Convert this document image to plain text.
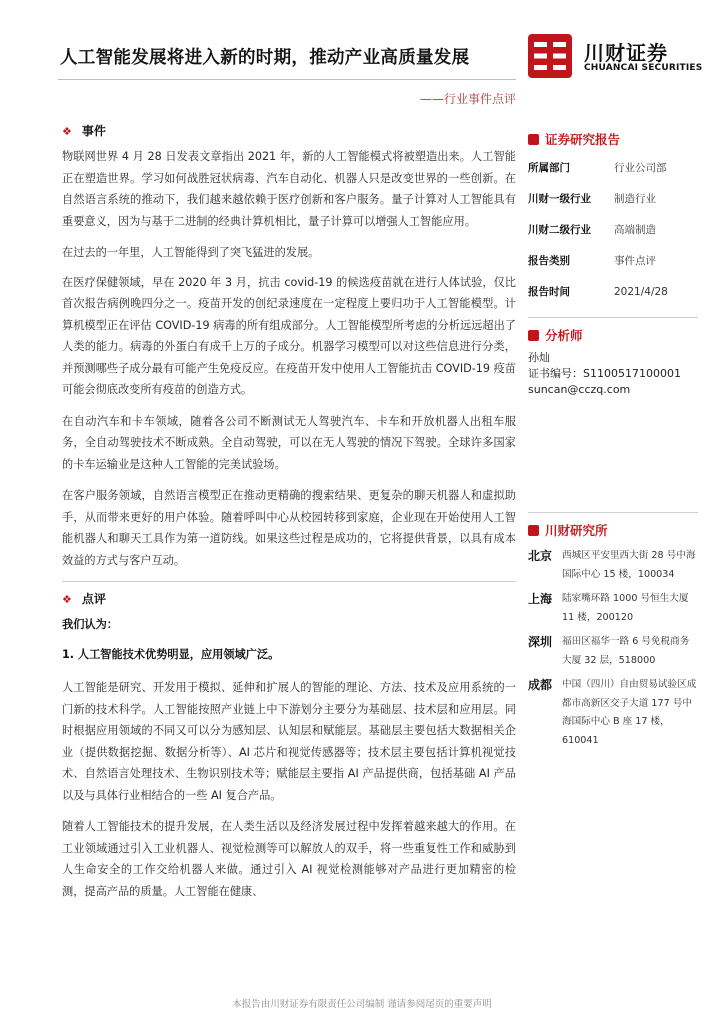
人工智能发展将进入新的时期，推动产业高质量发展
——行业事件点评
川财证券
CHUANCAI SECURITIES
❖ 事件

物联网世界 4 月 28 日发表文章指出 2021 年，新的人工智能模式将被塑造出来。人工智能正在塑造世界。学习如何战胜冠状病毒、汽车自动化、机器人只是改变世界的一些创新。在自然语言系统的推动下，我们越来越依赖于医疗创新和客户服务。量子计算对人工智能具有重要意义，因为与基于二进制的经典计算机相比，量子计算可以增强人工智能应用。

在过去的一年里，人工智能得到了突飞猛进的发展。

在医疗保健领域，早在 2020 年 3 月，抗击 covid-19 的候选疫苗就在进行人体试验，仅比首次报告病例晚四分之一。疫苗开发的创纪录速度在一定程度上要归功于人工智能模型。计算机模型正在评估 COVID-19 病毒的所有组成部分。人工智能模型所考虑的分析远远超出了人类的能力。病毒的外蛋白有成千上万的子成分。机器学习模型可以对这些信息进行分类，并预测哪些子成分最有可能产生免疫反应。在疫苗开发中使用人工智能抗击 COVID-19 疫苗可能会彻底改变所有疫苗的创造方式。

在自动汽车和卡车领域，随着各公司不断测试无人驾驶汽车、卡车和开放机器人出租车服务，全自动驾驶技术不断成熟。全自动驾驶，可以在无人驾驶的情况下驾驶。全球许多国家的卡车运输业是这种人工智能的完美试验场。

在客户服务领域，自然语言模型正在推动更精确的搜索结果、更复杂的聊天机器人和虚拟助手，从而带来更好的用户体验。随着呼叫中心从校园转移到家庭，企业现在开始使用人工智能机器人和聊天工具作为第一道防线。如果这些过程是成功的，它将提供背景，以具有成本效益的方式与客户互动。

❖ 点评
我们认为：
1. 人工智能技术优势明显，应用领域广泛。

人工智能是研究、开发用于模拟、延伸和扩展人的智能的理论、方法、技术及应用系统的一门新的技术科学。人工智能按照产业链上中下游划分主要分为基础层、技术层和应用层。同时根据应用领域的不同又可以分为感知层、认知层和赋能层。基础层主要包括大数据相关企业（提供数据挖掘、数据分析等）、AI 芯片和视觉传感器等；技术层主要包括计算机视觉技术、自然语言处理技术、生物识别技术等；赋能层主要指 AI 产品提供商，包括基础 AI 产品以及与具体行业相结合的一些 AI 复合产品。

随着人工智能技术的提升发展，在人类生活以及经济发展过程中发挥着越来越大的作用。在工业领域通过引入工业机器人、视觉检测等可以解放人的双手，将一些重复性工作和威胁到人生命安全的工作交给机器人来做。通过引入 AI 视觉检测能够对产品进行更加精密的检测，提高产品的质量。人工智能在健康、

证券研究报告
所属部门	行业公司部
川财一级行业	制造行业
川财二级行业	高端制造
报告类别	事件点评
报告时间	2021/4/28
分析师
孙灿
证书编号：S1100517100001
suncan@cczq.com
川财研究所
北京	西城区平安里西大街 28 号中海国际中心 15 楼，100034
上海	陆家嘴环路 1000 号恒生大厦 11 楼，200120
深圳	福田区福华一路 6 号免税商务大厦 32 层，518000
成都	中国（四川）自由贸易试验区成都市高新区交子大道 177 号中海国际中心 B 座 17 楼，610041
本报告由川财证券有限责任公司编制 谨请参阅尾页的重要声明
